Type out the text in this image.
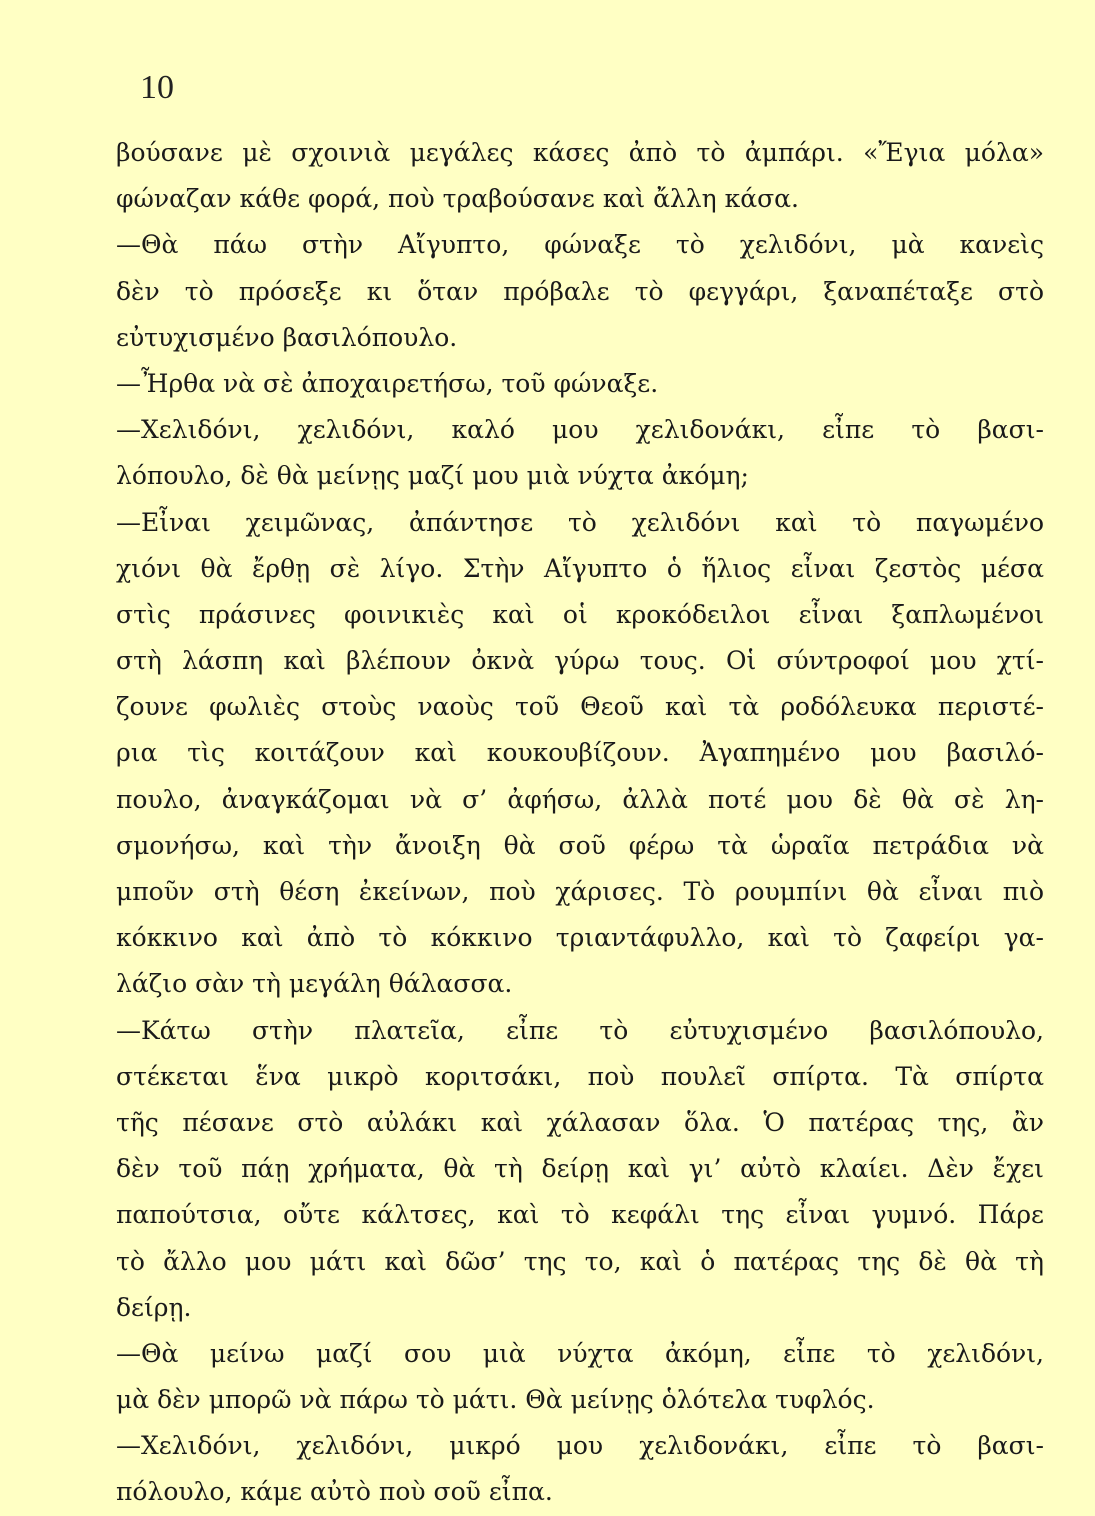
10
βούσανε μὲ σχοινιὰ μεγάλες κάσες ἀπὸ τὸ ἀμπάρι. «Ἔγια μόλα»
φώναζαν κάθε φορά, ποὺ τραβούσανε καὶ ἄλλη κάσα.
—Θὰ πάω στὴν Αἴγυπτο, φώναξε τὸ χελιδόνι, μὰ κανεὶς
δὲν τὸ πρόσεξε κι ὅταν πρόβαλε τὸ φεγγάρι, ξαναπέταξε στὸ
εὐτυχισμένο βασιλόπουλο.
—Ἦρθα νὰ σὲ ἀποχαιρετήσω, τοῦ φώναξε.
—Χελιδόνι, χελιδόνι, καλό μου χελιδονάκι, εἶπε τὸ βασι-
λόπουλο, δὲ θὰ μείνῃς μαζί μου μιὰ νύχτα ἀκόμη;
—Εἶναι χειμῶνας, ἀπάντησε τὸ χελιδόνι καὶ τὸ παγωμένο
χιόνι θὰ ἔρθῃ σὲ λίγο. Στὴν Αἴγυπτο ὁ ἥλιος εἶναι ζεστὸς μέσα
στὶς πράσινες φοινικιὲς καὶ οἱ κροκόδειλοι εἶναι ξαπλωμένοι
στὴ λάσπη καὶ βλέπουν ὀκνὰ γύρω τους. Οἱ σύντροφοί μου χτί-
ζουνε φωλιὲς στοὺς ναοὺς τοῦ Θεοῦ καὶ τὰ ροδόλευκα περιστέ-
ρια τὶς κοιτάζουν καὶ κουκουβίζουν. Ἀγαπημένο μου βασιλό-
πουλο, ἀναγκάζομαι νὰ σ’ ἀφήσω, ἀλλὰ ποτέ μου δὲ θὰ σὲ λη-
σμονήσω, καὶ τὴν ἄνοιξη θὰ σοῦ φέρω τὰ ὡραῖα πετράδια νὰ
μποῦν στὴ θέση ἐκείνων, ποὺ χάρισες. Τὸ ρουμπίνι θὰ εἶναι πιὸ
κόκκινο καὶ ἀπὸ τὸ κόκκινο τριαντάφυλλο, καὶ τὸ ζαφείρι γα-
λάζιο σὰν τὴ μεγάλη θάλασσα.
—Κάτω στὴν πλατεῖα, εἶπε τὸ εὐτυχισμένο βασιλόπουλο,
στέκεται ἕνα μικρὸ κοριτσάκι, ποὺ πουλεῖ σπίρτα. Τὰ σπίρτα
τῆς πέσανε στὸ αὐλάκι καὶ χάλασαν ὅλα. Ὁ πατέρας της, ἂν
δὲν τοῦ πάῃ χρήματα, θὰ τὴ δείρῃ καὶ γι’ αὐτὸ κλαίει. Δὲν ἔχει
παπούτσια, οὔτε κάλτσες, καὶ τὸ κεφάλι της εἶναι γυμνό. Πάρε
τὸ ἄλλο μου μάτι καὶ δῶσ’ της το, καὶ ὁ πατέρας της δὲ θὰ τὴ
δείρῃ.
—Θὰ μείνω μαζί σου μιὰ νύχτα ἀκόμη, εἶπε τὸ χελιδόνι,
μὰ δὲν μπορῶ νὰ πάρω τὸ μάτι. Θὰ μείνῃς ὁλότελα τυφλός.
—Χελιδόνι, χελιδόνι, μικρό μου χελιδονάκι, εἶπε τὸ βασι-
πόλουλο, κάμε αὐτὸ ποὺ σοῦ εἶπα.
